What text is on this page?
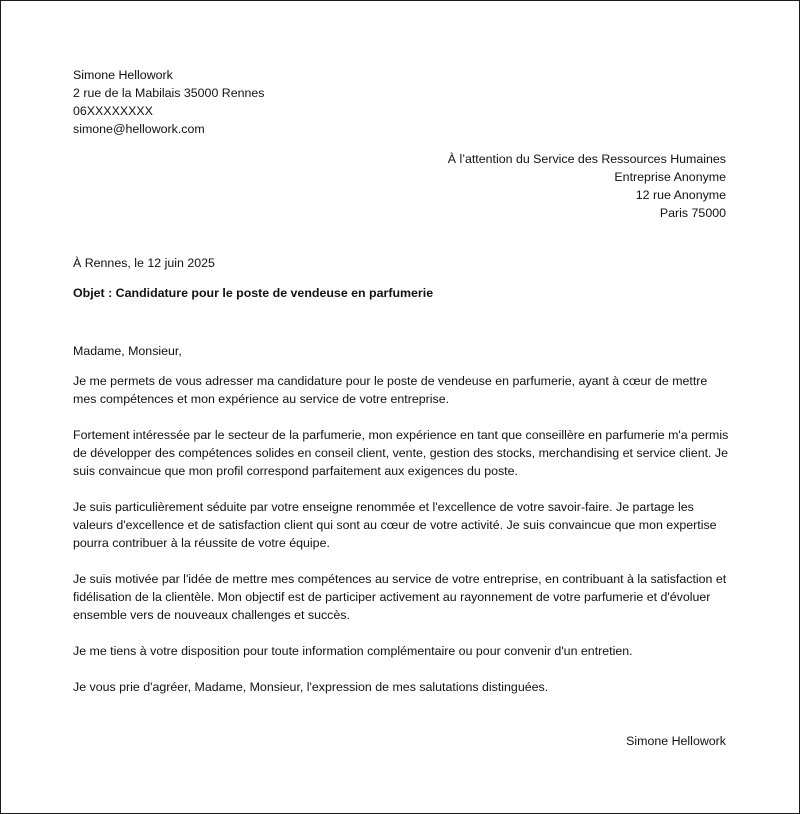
Simone Hellowork
2 rue de la Mabilais 35000 Rennes
06XXXXXXXX
simone@hellowork.com
À l’attention du Service des Ressources Humaines
Entreprise Anonyme
12 rue Anonyme
Paris 75000
À Rennes, le 12 juin 2025
Objet : Candidature pour le poste de vendeuse en parfumerie
Madame, Monsieur,
Je me permets de vous adresser ma candidature pour le poste de vendeuse en parfumerie, ayant à cœur de mettre mes compétences et mon expérience au service de votre entreprise.
Fortement intéressée par le secteur de la parfumerie, mon expérience en tant que conseillère en parfumerie m'a permis de développer des compétences solides en conseil client, vente, gestion des stocks, merchandising et service client. Je suis convaincue que mon profil correspond parfaitement aux exigences du poste.
Je suis particulièrement séduite par votre enseigne renommée et l'excellence de votre savoir-faire. Je partage les valeurs d'excellence et de satisfaction client qui sont au cœur de votre activité. Je suis convaincue que mon expertise pourra contribuer à la réussite de votre équipe.
Je suis motivée par l'idée de mettre mes compétences au service de votre entreprise, en contribuant à la satisfaction et fidélisation de la clientèle. Mon objectif est de participer activement au rayonnement de votre parfumerie et d'évoluer ensemble vers de nouveaux challenges et succès.
Je me tiens à votre disposition pour toute information complémentaire ou pour convenir d'un entretien.
Je vous prie d'agréer, Madame, Monsieur, l'expression de mes salutations distinguées.
Simone Hellowork
